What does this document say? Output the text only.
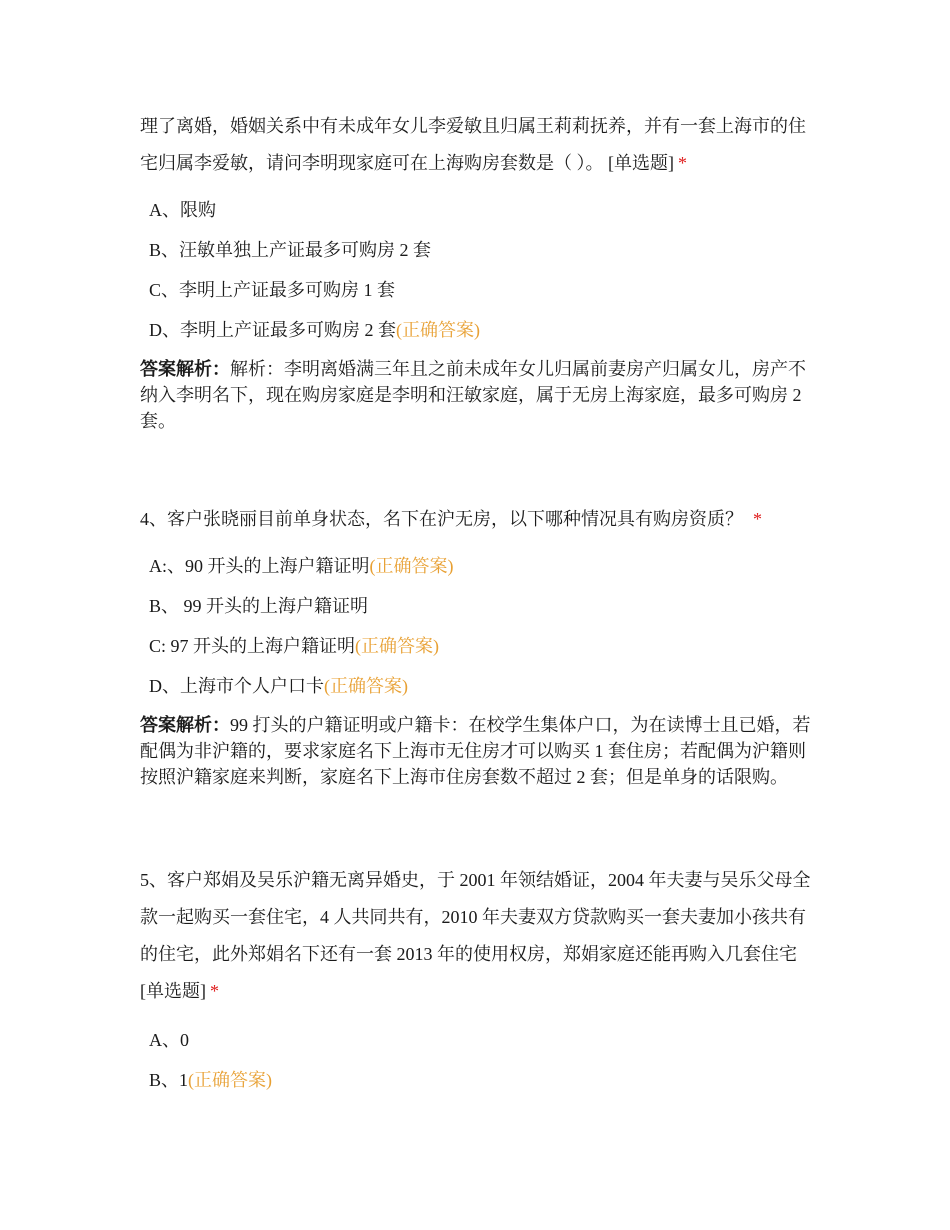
理了离婚，婚姻关系中有未成年女儿李爱敏且归属王莉莉抚养，并有一套上海市的住宅归属李爱敏，请问李明现家庭可在上海购房套数是（ ）。 [单选题] *

A、限购
B、汪敏单独上产证最多可购房 2 套
C、李明上产证最多可购房 1 套
D、李明上产证最多可购房 2 套(正确答案)

答案解析：解析：李明离婚满三年且之前未成年女儿归属前妻房产归属女儿，房产不纳入李明名下，现在购房家庭是李明和汪敏家庭，属于无房上海家庭，最多可购房 2 套。

4、客户张晓丽目前单身状态，名下在沪无房，以下哪种情况具有购房资质？ *

A:、90 开头的上海户籍证明(正确答案)
B、 99 开头的上海户籍证明
C: 97 开头的上海户籍证明(正确答案)
D、上海市个人户口卡(正确答案)

答案解析：99 打头的户籍证明或户籍卡：在校学生集体户口，为在读博士且已婚，若配偶为非沪籍的，要求家庭名下上海市无住房才可以购买 1 套住房；若配偶为沪籍则按照沪籍家庭来判断，家庭名下上海市住房套数不超过 2 套；但是单身的话限购。

5、客户郑娟及吴乐沪籍无离异婚史，于 2001 年领结婚证，2004 年夫妻与吴乐父母全款一起购买一套住宅，4 人共同共有，2010 年夫妻双方贷款购买一套夫妻加小孩共有的住宅，此外郑娟名下还有一套 2013 年的使用权房，郑娟家庭还能再购入几套住宅 [单选题] *

A、0
B、1(正确答案)
